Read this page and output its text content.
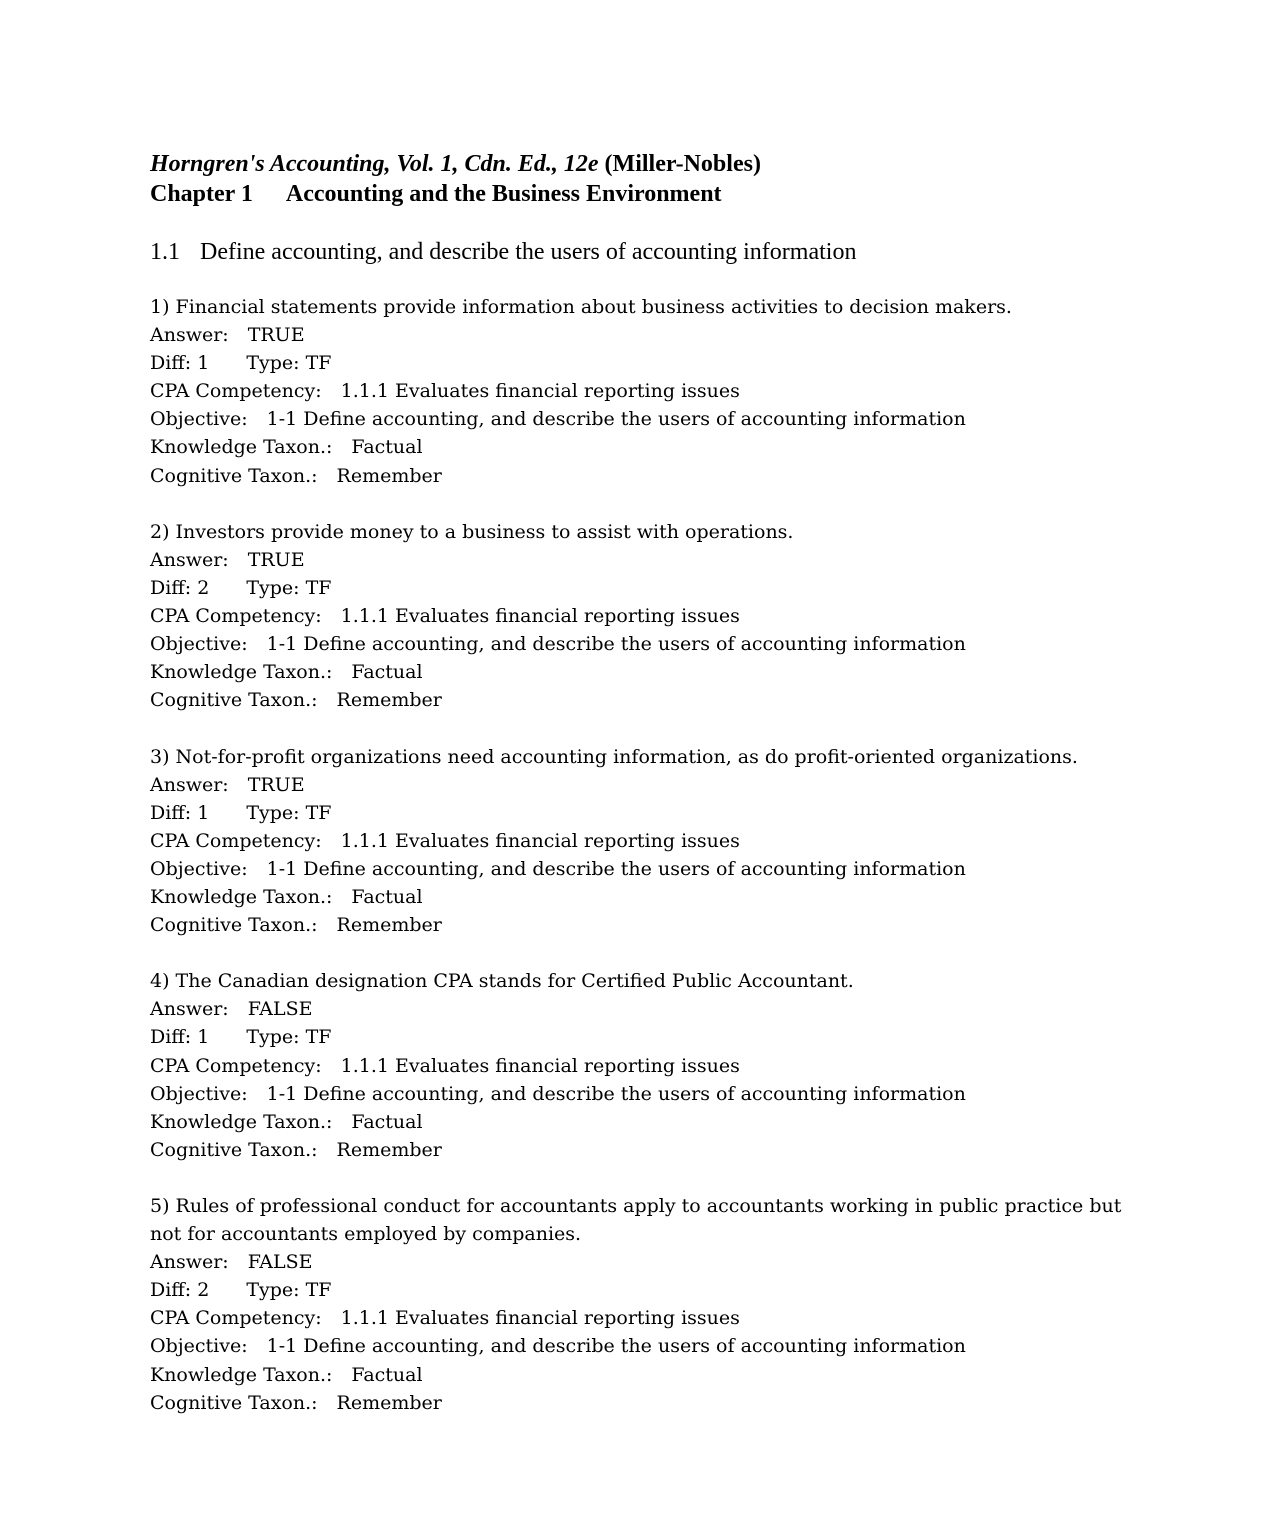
Horngren's Accounting, Vol. 1, Cdn. Ed., 12e (Miller-Nobles)
Chapter 1 Accounting and the Business Environment
1.1 Define accounting, and describe the users of accounting information
1) Financial statements provide information about business activities to decision makers.
Answer: TRUE
Diff: 1 Type: TF
CPA Competency: 1.1.1 Evaluates financial reporting issues
Objective: 1-1 Define accounting, and describe the users of accounting information
Knowledge Taxon.: Factual
Cognitive Taxon.: Remember
2) Investors provide money to a business to assist with operations.
Answer: TRUE
Diff: 2 Type: TF
CPA Competency: 1.1.1 Evaluates financial reporting issues
Objective: 1-1 Define accounting, and describe the users of accounting information
Knowledge Taxon.: Factual
Cognitive Taxon.: Remember
3) Not-for-profit organizations need accounting information, as do profit-oriented organizations.
Answer: TRUE
Diff: 1 Type: TF
CPA Competency: 1.1.1 Evaluates financial reporting issues
Objective: 1-1 Define accounting, and describe the users of accounting information
Knowledge Taxon.: Factual
Cognitive Taxon.: Remember
4) The Canadian designation CPA stands for Certified Public Accountant.
Answer: FALSE
Diff: 1 Type: TF
CPA Competency: 1.1.1 Evaluates financial reporting issues
Objective: 1-1 Define accounting, and describe the users of accounting information
Knowledge Taxon.: Factual
Cognitive Taxon.: Remember
5) Rules of professional conduct for accountants apply to accountants working in public practice but not for accountants employed by companies.
Answer: FALSE
Diff: 2 Type: TF
CPA Competency: 1.1.1 Evaluates financial reporting issues
Objective: 1-1 Define accounting, and describe the users of accounting information
Knowledge Taxon.: Factual
Cognitive Taxon.: Remember
